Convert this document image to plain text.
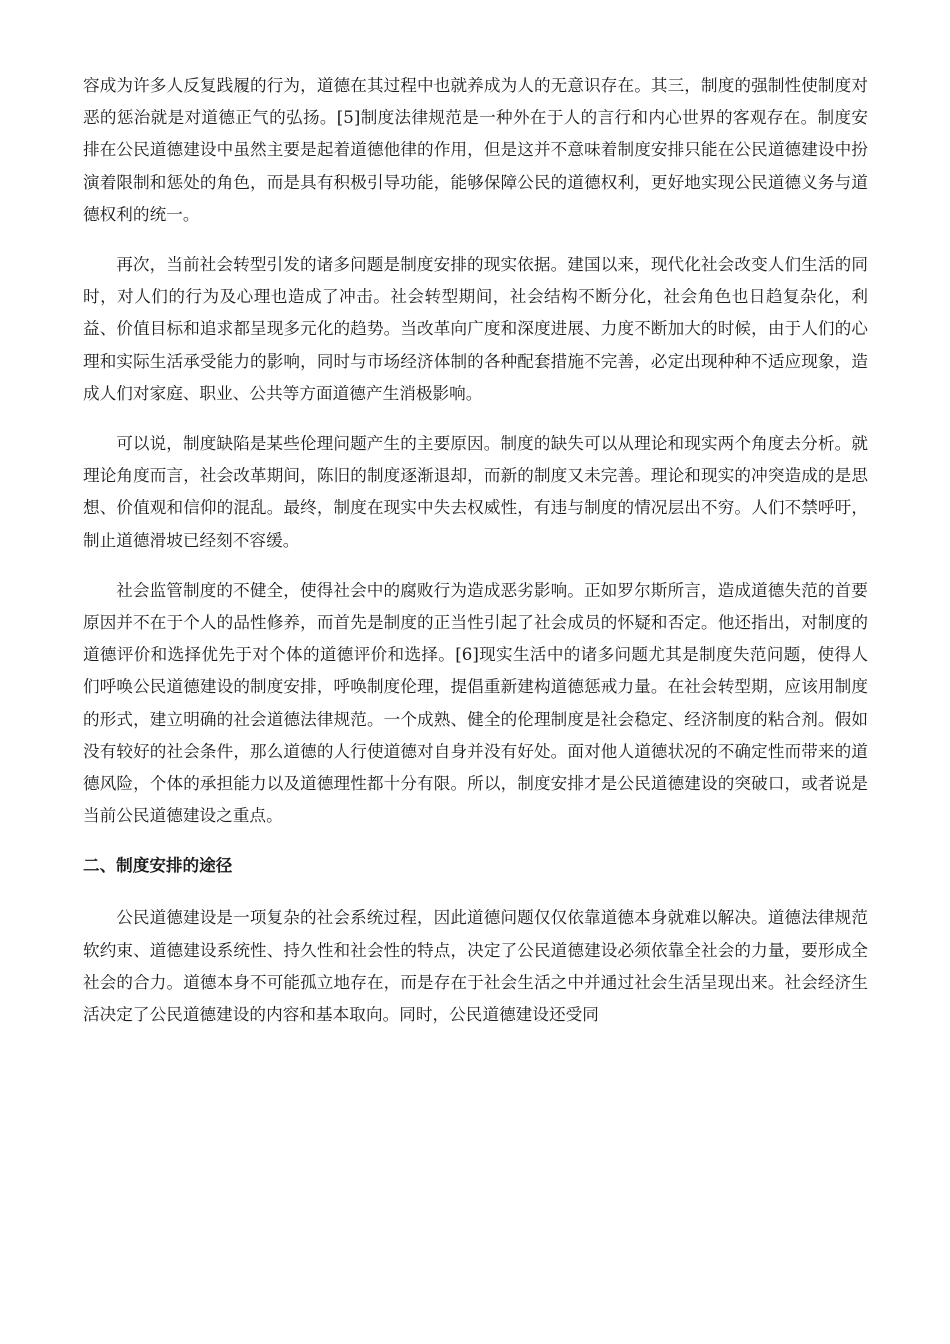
容成为许多人反复践履的行为，道德在其过程中也就养成为人的无意识存在。其三，制度的强制性使制度对恶的惩治就是对道德正气的弘扬。[5]制度法律规范是一种外在于人的言行和内心世界的客观存在。制度安排在公民道德建设中虽然主要是起着道德他律的作用，但是这并不意味着制度安排只能在公民道德建设中扮演着限制和惩处的角色，而是具有积极引导功能，能够保障公民的道德权利，更好地实现公民道德义务与道德权利的统一。

再次，当前社会转型引发的诸多问题是制度安排的现实依据。建国以来，现代化社会改变人们生活的同时，对人们的行为及心理也造成了冲击。社会转型期间，社会结构不断分化，社会角色也日趋复杂化，利益、价值目标和追求都呈现多元化的趋势。当改革向广度和深度进展、力度不断加大的时候，由于人们的心理和实际生活承受能力的影响，同时与市场经济体制的各种配套措施不完善，必定出现种种不适应现象，造成人们对家庭、职业、公共等方面道德产生消极影响。

可以说，制度缺陷是某些伦理问题产生的主要原因。制度的缺失可以从理论和现实两个角度去分析。就理论角度而言，社会改革期间，陈旧的制度逐渐退却，而新的制度又未完善。理论和现实的冲突造成的是思想、价值观和信仰的混乱。最终，制度在现实中失去权威性，有违与制度的情况层出不穷。人们不禁呼吁，制止道德滑坡已经刻不容缓。

社会监管制度的不健全，使得社会中的腐败行为造成恶劣影响。正如罗尔斯所言，造成道德失范的首要原因并不在于个人的品性修养，而首先是制度的正当性引起了社会成员的怀疑和否定。他还指出，对制度的道德评价和选择优先于对个体的道德评价和选择。[6]现实生活中的诸多问题尤其是制度失范问题，使得人们呼唤公民道德建设的制度安排，呼唤制度伦理，提倡重新建构道德惩戒力量。在社会转型期，应该用制度的形式，建立明确的社会道德法律规范。一个成熟、健全的伦理制度是社会稳定、经济制度的粘合剂。假如没有较好的社会条件，那么道德的人行使道德对自身并没有好处。面对他人道德状况的不确定性而带来的道德风险，个体的承担能力以及道德理性都十分有限。所以，制度安排才是公民道德建设的突破口，或者说是当前公民道德建设之重点。

二、制度安排的途径

公民道德建设是一项复杂的社会系统过程，因此道德问题仅仅依靠道德本身就难以解决。道德法律规范软约束、道德建设系统性、持久性和社会性的特点，决定了公民道德建设必须依靠全社会的力量，要形成全社会的合力。道德本身不可能孤立地存在，而是存在于社会生活之中并通过社会生活呈现出来。社会经济生活决定了公民道德建设的内容和基本取向。同时，公民道德建设还受同
